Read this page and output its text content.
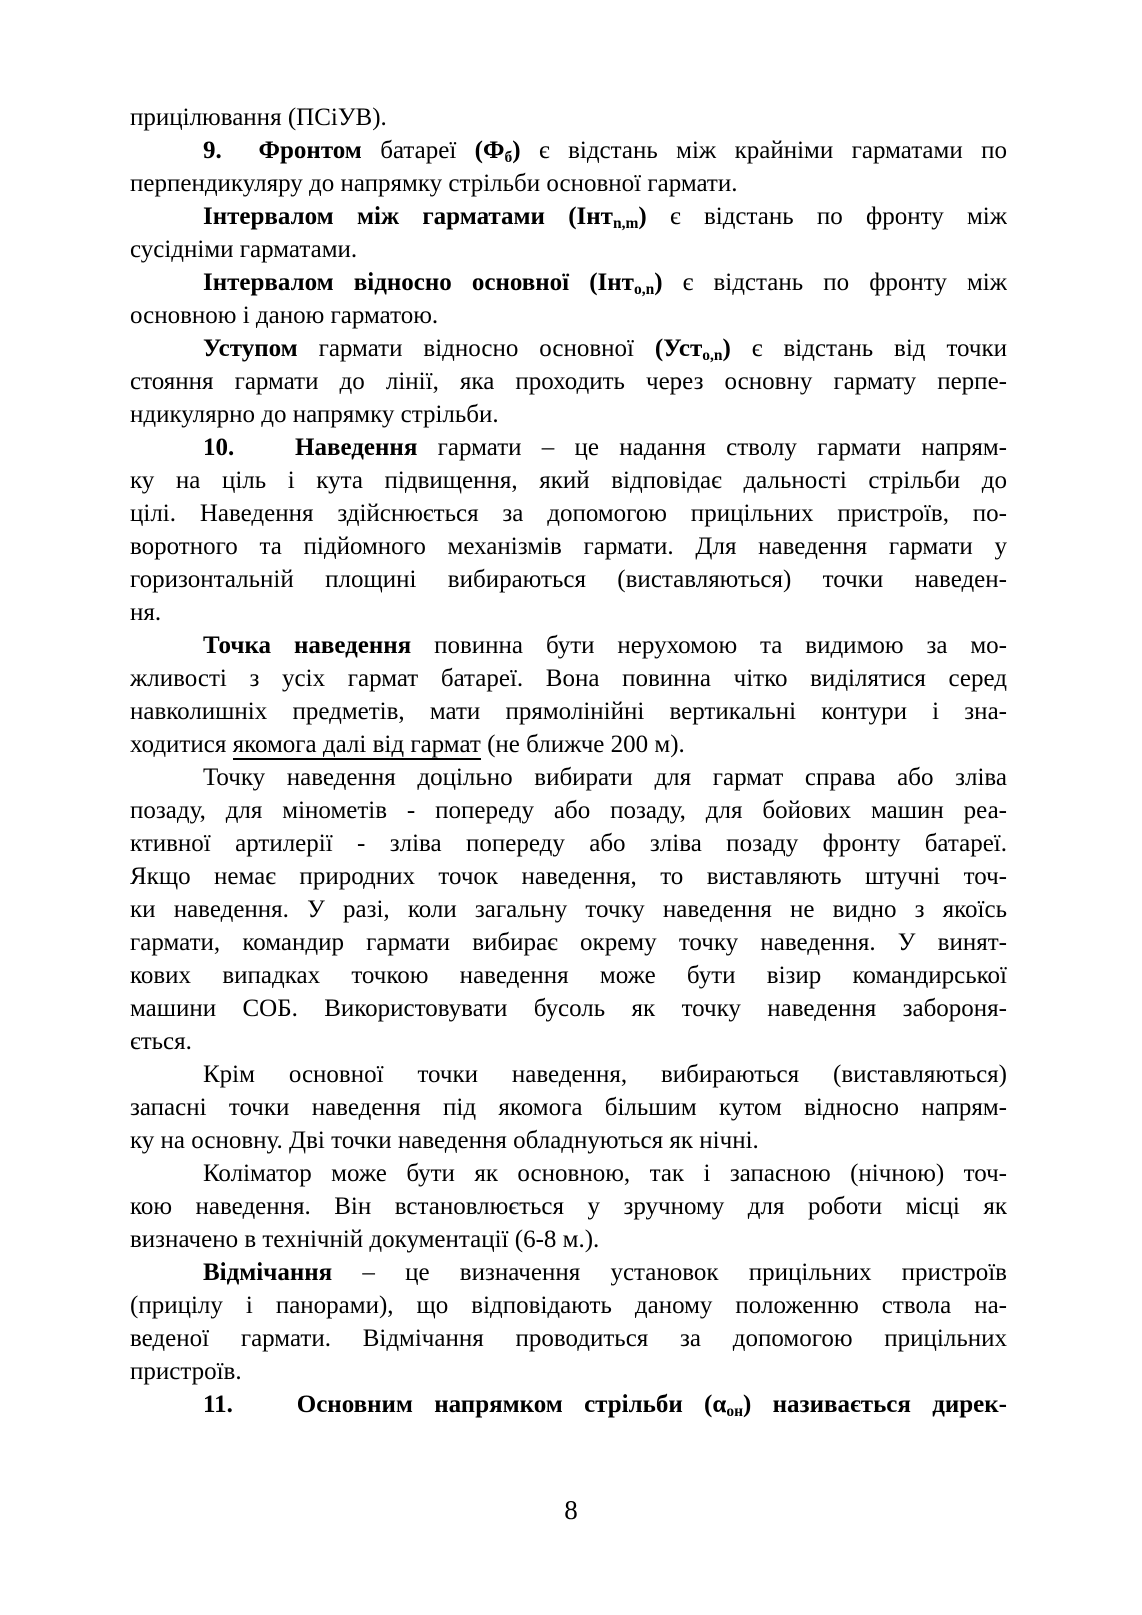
прицілювання (ПСіУВ).
9.  Фронтом батареї (Фб) є відстань між крайніми гарматами по
перпендикуляру до напрямку стрільби основної гармати.
Інтервалом між гарматами (Інтn,m) є відстань по фронту між
сусідніми гарматами.
Інтервалом відносно основної (Інтo,n) є відстань по фронту між
основною і даною гарматою.
Уступом гармати відносно основної (Устo,n) є відстань від точки
стояння гармати до лінії, яка проходить через основну гармату перпе-
ндикулярно до напрямку стрільби.
10.   Наведення гармати – це надання стволу гармати напрям-
ку на ціль і кута підвищення, який відповідає дальності стрільби до
цілі. Наведення здійснюється за допомогою прицільних пристроїв, по-
воротного та підйомного механізмів гармати. Для наведення гармати у
горизонтальній площині вибираються (виставляються) точки наведен-
ня.
Точка наведення повинна бути нерухомою та видимою за мо-
жливості з усіх гармат батареї. Вона повинна чітко виділятися серед
навколишніх предметів, мати прямолінійні вертикальні контури і зна-
ходитися якомога далі від гармат (не ближче 200 м).
Точку наведення доцільно вибирати для гармат справа або зліва
позаду, для мінометів - попереду або позаду, для бойових машин реа-
ктивної артилерії - зліва попереду або зліва позаду фронту батареї.
Якщо немає природних точок наведення, то виставляють штучні точ-
ки наведення. У разі, коли загальну точку наведення не видно з якоїсь
гармати, командир гармати вибирає окрему точку наведення. У винят-
кових випадках точкою наведення може бути візир командирської
машини СОБ. Використовувати бусоль як точку наведення забороня-
ється.
Крім основної точки наведення, вибираються (виставляються)
запасні точки наведення під якомога більшим кутом відносно напрям-
ку на основну. Дві точки наведення обладнуються як нічні.
Коліматор може бути як основною, так і запасною (нічною) точ-
кою наведення. Він встановлюється у зручному для роботи місці як
визначено в технічній документації (6-8 м.).
Відмічання – це визначення установок прицільних пристроїв
(прицілу і панорами), що відповідають даному положенню ствола на-
веденої гармати. Відмічання проводиться за допомогою прицільних
пристроїв.
11.   Основним напрямком стрільби (αон) називається дирек-
8
